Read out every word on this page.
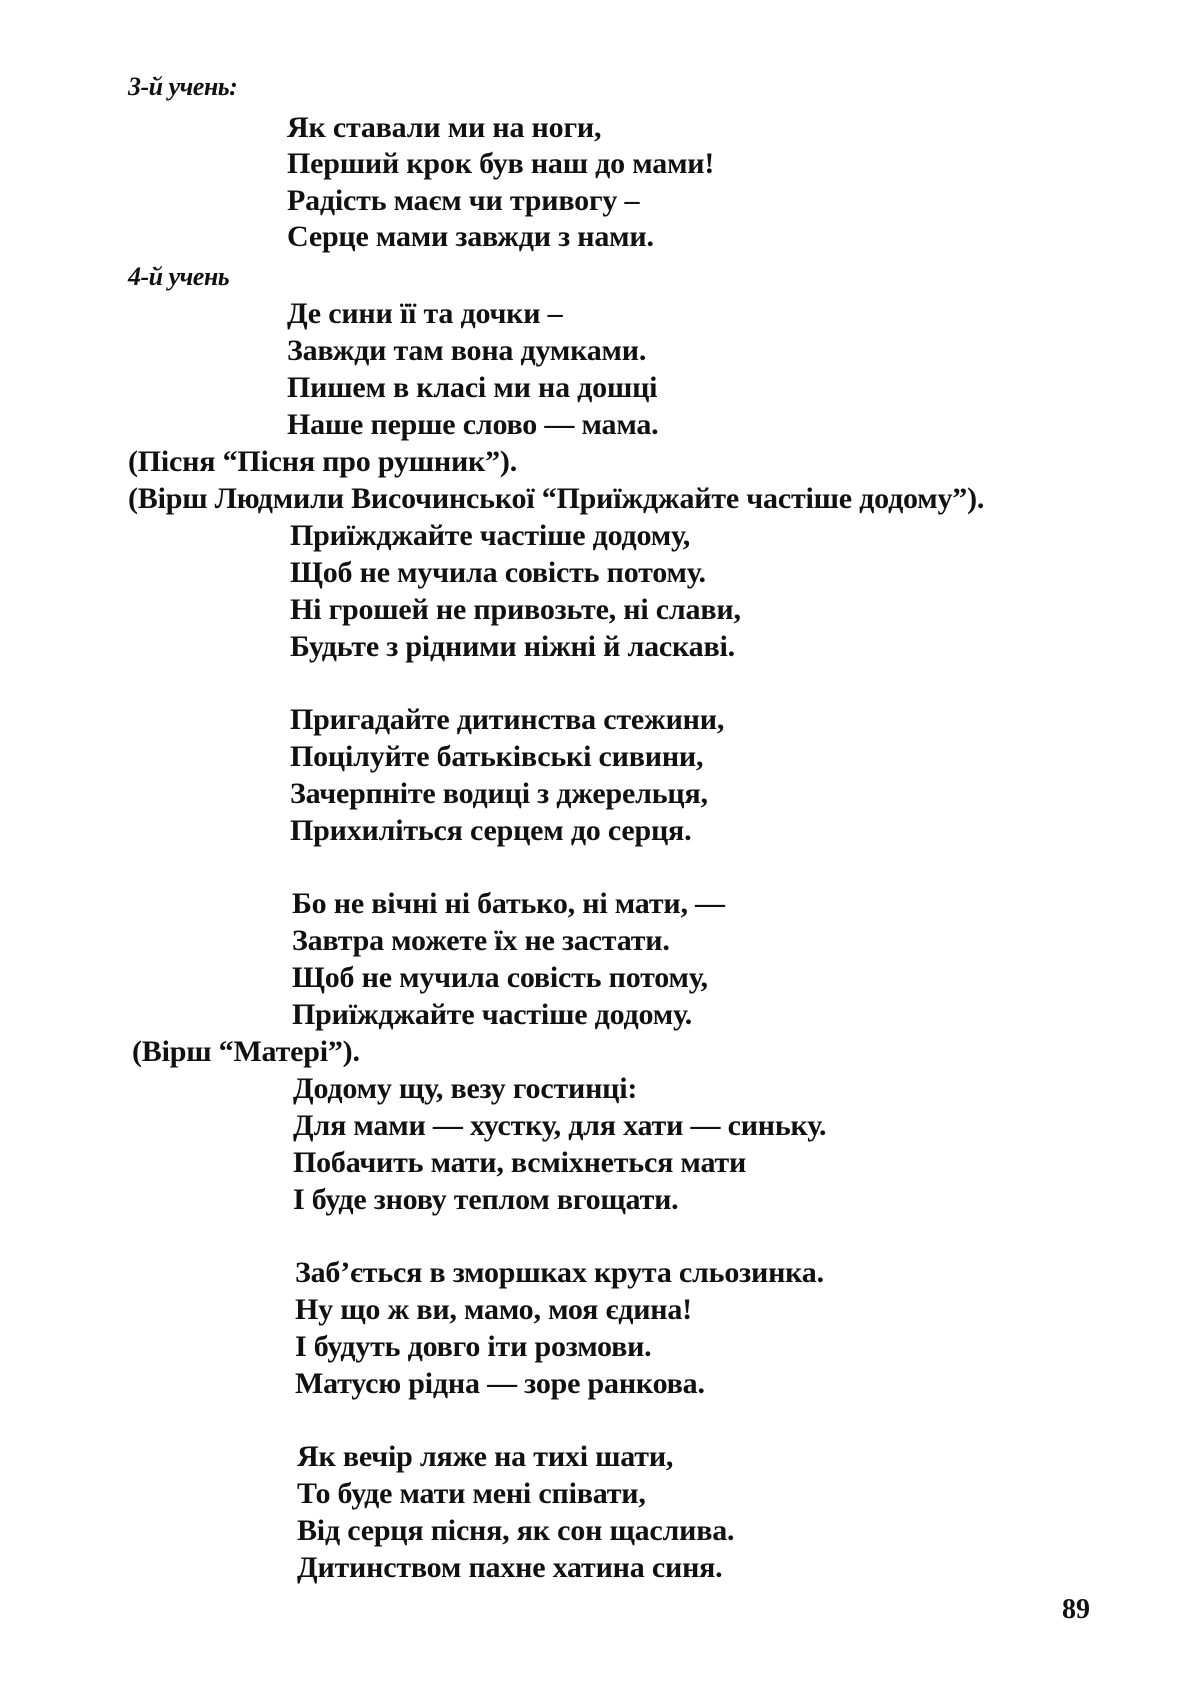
3-й учень:
Як ставали ми на ноги,
Перший крок був наш до мами!
Радість маєм чи тривогу –
Серце мами завжди з нами.
4-й учень
Де сини її та дочки –
Завжди там вона думками.
Пишем в класі ми на дошці
Наше перше слово — мама.
(Пісня “Пісня про рушник”).
(Вірш Людмили Височинської “Приїжджайте частіше додому”).
Приїжджайте частіше додому,
Щоб не мучила совість потому.
Ні грошей не привозьте, ні слави,
Будьте з рідними ніжні й ласкаві.
Пригадайте дитинства стежини,
Поцілуйте батьківські сивини,
Зачерпніте водиці з джерельця,
Прихиліться серцем до серця.
Бо не вічні ні батько, ні мати, —
Завтра можете їх не застати.
Щоб не мучила совість потому,
Приїжджайте частіше додому.
(Вірш “Матері”).
Додому щу, везу гостинці:
Для мами — хустку, для хати — синьку.
Побачить мати, всміхнеться мати
І буде знову теплом вгощати.
Заб’ється в зморшках крута сльозинка.
Ну що ж ви, мамо, моя єдина!
І будуть довго іти розмови.
Матусю рідна — зоре ранкова.
Як вечір ляже на тихі шати,
То буде мати мені співати,
Від серця пісня, як сон щаслива.
Дитинством пахне хатина синя.
89
